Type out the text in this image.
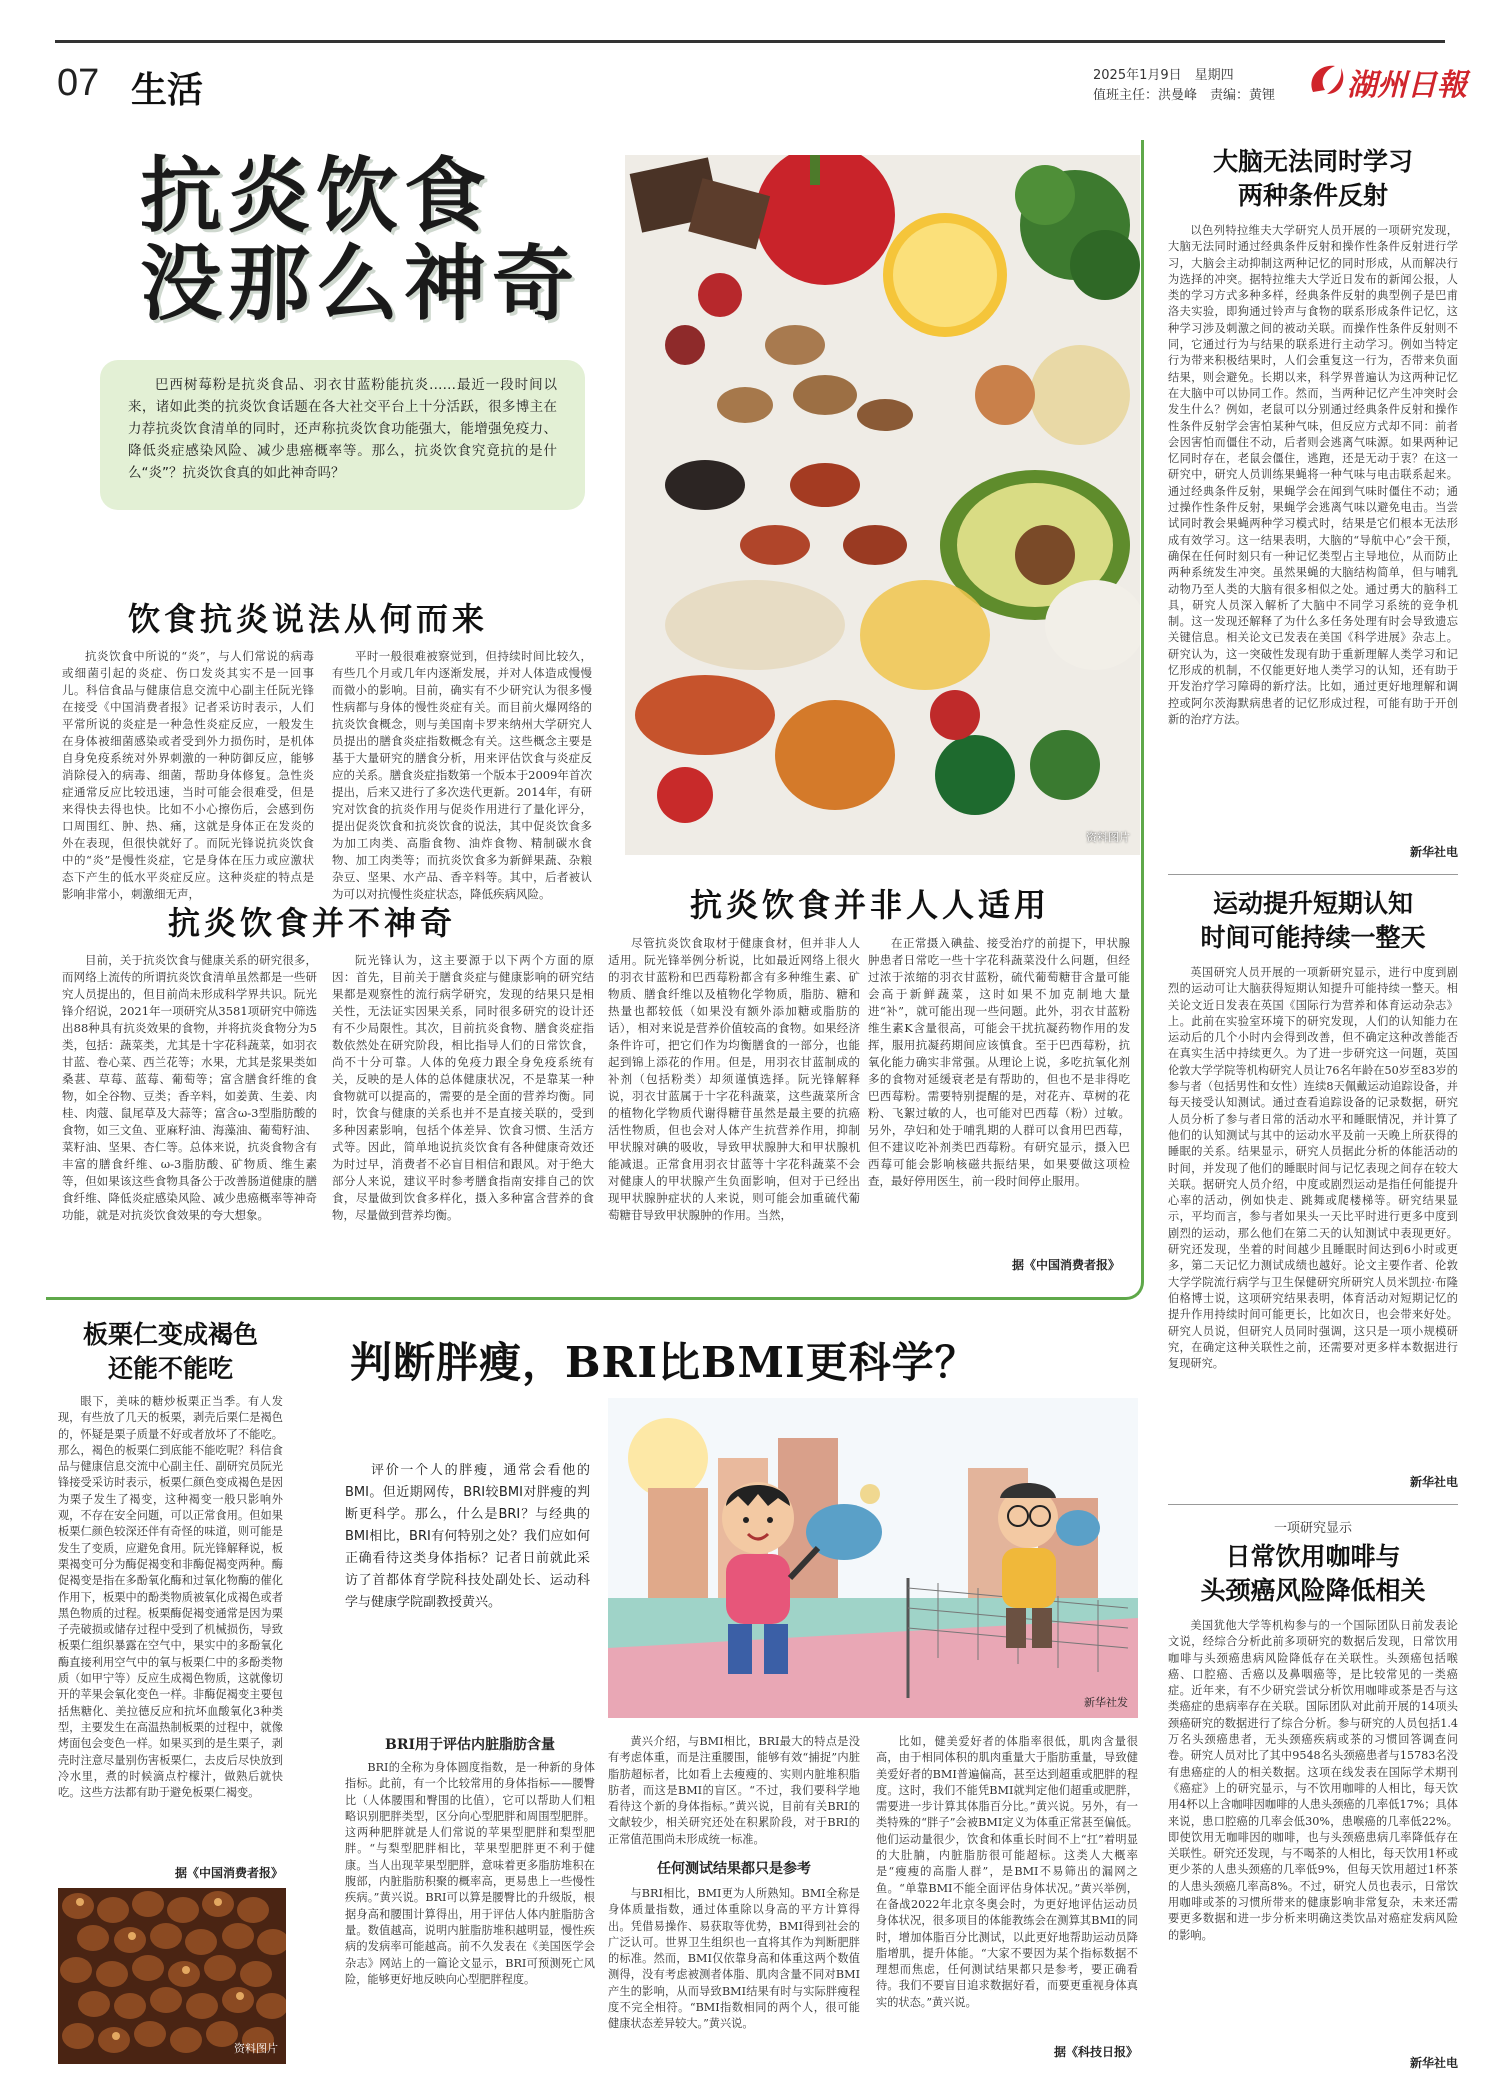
07 生活	2025年1月9日　星期四
值班主任：洪曼峰　责编：黄锂 湖州日報
抗炎饮食
没那么神奇
巴西树莓粉是抗炎食品、羽衣甘蓝粉能抗炎……最近一段时间以来，诸如此类的抗炎饮食话题在各大社交平台上十分活跃，很多博主在力荐抗炎饮食清单的同时，还声称抗炎饮食功能强大，能增强免疫力、降低炎症感染风险、减少患癌概率等。那么，抗炎饮食究竟抗的是什么“炎”？抗炎饮食真的如此神奇吗？
资料图片
饮食抗炎说法从何而来
抗炎饮食中所说的“炎”，与人们常说的病毒或细菌引起的炎症、伤口发炎其实不是一回事儿。科信食品与健康信息交流中心副主任阮光锋在接受《中国消费者报》记者采访时表示，人们平常所说的炎症是一种急性炎症反应，一般发生在身体被细菌感染或者受到外力损伤时，是机体自身免疫系统对外界刺激的一种防御反应，能够消除侵入的病毒、细菌，帮助身体修复。急性炎症通常反应比较迅速，当时可能会很难受，但是来得快去得也快。比如不小心擦伤后，会感到伤口周围红、肿、热、痛，这就是身体正在发炎的外在表现，但很快就好了。而阮光锋说抗炎饮食中的“炎”是慢性炎症，它是身体在压力或应激状态下产生的低水平炎症反应。这种炎症的特点是影响非常小，刺激细无声，
平时一般很难被察觉到，但持续时间比较久，有些几个月或几年内逐渐发展，并对人体造成慢慢而微小的影响。目前，确实有不少研究认为很多慢性病都与身体的慢性炎症有关。而目前火爆网络的抗炎饮食概念，则与美国南卡罗来纳州大学研究人员提出的膳食炎症指数概念有关。这些概念主要是基于大量研究的膳食分析，用来评估饮食与炎症反应的关系。膳食炎症指数第一个版本于2009年首次提出，后来又进行了多次迭代更新。2014年，有研究对饮食的抗炎作用与促炎作用进行了量化评分，提出促炎饮食和抗炎饮食的说法，其中促炎饮食多为加工肉类、高脂食物、油炸食物、精制碳水食物、加工肉类等；而抗炎饮食多为新鲜果蔬、杂粮杂豆、坚果、水产品、香辛料等。其中，后者被认为可以对抗慢性炎症状态，降低疾病风险。
抗炎饮食并不神奇
目前，关于抗炎饮食与健康关系的研究很多，而网络上流传的所谓抗炎饮食清单虽然都是一些研究人员提出的，但目前尚未形成科学界共识。阮光锋介绍说，2021年一项研究从3581项研究中筛选出88种具有抗炎效果的食物，并将抗炎食物分为5类，包括：蔬菜类，尤其是十字花科蔬菜，如羽衣甘蓝、卷心菜、西兰花等；水果，尤其是浆果类如桑葚、草莓、蓝莓、葡萄等；富含膳食纤维的食物，如全谷物、豆类；香辛料，如姜黄、生姜、肉桂、肉蔻、鼠尾草及大蒜等；富含ω-3型脂肪酸的食物，如三文鱼、亚麻籽油、海藻油、葡萄籽油、菜籽油、坚果、杏仁等。总体来说，抗炎食物含有丰富的膳食纤维、ω-3脂肪酸、矿物质、维生素等，但如果该这些食物具备公于改善肠道健康的膳食纤维、降低炎症感染风险、减少患癌概率等神奇功能，就是对抗炎饮食效果的夸大想象。
阮光锋认为，这主要源于以下两个方面的原因：首先，目前关于膳食炎症与健康影响的研究结果都是观察性的流行病学研究，发现的结果只是相关性，无法证实因果关系，同时很多研究的设计还有不少局限性。其次，目前抗炎食物、膳食炎症指数依然处在研究阶段，相比指导人们的日常饮食，尚不十分可靠。人体的免疫力跟全身免疫系统有关，反映的是人体的总体健康状况，不是靠某一种食物就可以提高的，需要的是全面的营养均衡。同时，饮食与健康的关系也并不是直接关联的，受到多种因素影响，包括个体差异、饮食习惯、生活方式等。因此，简单地说抗炎饮食有各种健康奇效还为时过早，消费者不必盲目相信和跟风。对于绝大部分人来说，建议平时参考膳食指南安排自己的饮食，尽量做到饮食多样化，摄入多种富含营养的食物，尽量做到营养均衡。
抗炎饮食并非人人适用
尽管抗炎饮食取材于健康食材，但并非人人适用。阮光锋举例分析说，比如最近网络上很火的羽衣甘蓝粉和巴西莓粉都含有多种维生素、矿物质、膳食纤维以及植物化学物质，脂肪、糖和热量也都较低（如果没有额外添加糖或脂肪的话），相对来说是营养价值较高的食物。如果经济条件许可，把它们作为均衡膳食的一部分，也能起到锦上添花的作用。但是，用羽衣甘蓝制成的补剂（包括粉类）却须谨慎选择。阮光锋解释说，羽衣甘蓝属于十字花科蔬菜，这些蔬菜所含的植物化学物质代谢得糖苷虽然是最主要的抗癌活性物质，但也会对人体产生抗营养作用，抑制甲状腺对碘的吸收，导致甲状腺肿大和甲状腺机能减退。正常食用羽衣甘蓝等十字花科蔬菜不会对健康人的甲状腺产生负面影响，但对于已经出现甲状腺肿症状的人来说，则可能会加重硫代葡萄糖苷导致甲状腺肿的作用。当然，
在正常摄入碘盐、接受治疗的前提下，甲状腺肿患者日常吃一些十字花科蔬菜没什么问题，但经过浓于浓缩的羽衣甘蓝粉，硫代葡萄糖苷含量可能会高于新鲜蔬菜，这时如果不加克制地大量进“补”，就可能出现一些问题。此外，羽衣甘蓝粉维生素K含量很高，可能会干扰抗凝药物作用的发挥，服用抗凝药期间应该慎食。至于巴西莓粉，抗氧化能力确实非常强。从理论上说，多吃抗氧化剂多的食物对延缓衰老是有帮助的，但也不是非得吃巴西莓粉。需要特别提醒的是，对花卉、草树的花粉、飞絮过敏的人，也可能对巴西莓（粉）过敏。另外，孕妇和处于哺乳期的人群可以食用巴西莓，但不建议吃补剂类巴西莓粉。有研究显示，摄入巴西莓可能会影响核磁共振结果，如果要做这项检查，最好停用医生，前一段时间停止服用。
据《中国消费者报》
大脑无法同时学习
两种条件反射
以色列特拉维夫大学研究人员开展的一项研究发现，大脑无法同时通过经典条件反射和操作性条件反射进行学习，大脑会主动抑制这两种记忆的同时形成，从而解决行为选择的冲突。据特拉维夫大学近日发布的新闻公报，人类的学习方式多种多样，经典条件反射的典型例子是巴甫洛夫实验，即狗通过铃声与食物的联系形成条件记忆，这种学习涉及刺激之间的被动关联。而操作性条件反射则不同，它通过行为与结果的联系进行主动学习。例如当特定行为带来积极结果时，人们会重复这一行为，否带来负面结果，则会避免。长期以来，科学界普遍认为这两种记忆在大脑中可以协同工作。然而，当两种记忆产生冲突时会发生什么？例如，老鼠可以分别通过经典条件反射和操作性条件反射学会害怕某种气味，但反应方式却不同：前者会因害怕而僵住不动，后者则会逃离气味源。如果两种记忆同时存在，老鼠会僵住，逃跑，还是无动于衷？在这一研究中，研究人员训练果蝇将一种气味与电击联系起来。通过经典条件反射，果蝇学会在闻到气味时僵住不动；通过操作性条件反射，果蝇学会逃离气味以避免电击。当尝试同时教会果蝇两种学习模式时，结果是它们根本无法形成有效学习。这一结果表明，大脑的“导航中心”会干预，确保在任何时刻只有一种记忆类型占主导地位，从而防止两种系统发生冲突。虽然果蝇的大脑结构简单，但与哺乳动物乃至人类的大脑有很多相似之处。通过勇大的脑科工具，研究人员深入解析了大脑中不同学习系统的竞争机制。这一发现还解释了为什么多任务处理有时会导致遗忘关键信息。相关论文已发表在美国《科学进展》杂志上。研究认为，这一突破性发现有助于重新理解人类学习和记忆形成的机制，不仅能更好地人类学习的认知，还有助于开发治疗学习障碍的新疗法。比如，通过更好地理解和调控或阿尔茨海默病患者的记忆形成过程，可能有助于开创新的治疗方法。
新华社电
运动提升短期认知
时间可能持续一整天
英国研究人员开展的一项新研究显示，进行中度到剧烈的运动可让大脑获得短期认知提升可能持续一整天。相关论文近日发表在英国《国际行为营养和体育运动杂志》上。此前在实验室环境下的研究发现，人们的认知能力在运动后的几个小时内会得到改善，但不确定这种改善能否在真实生活中持续更久。为了进一步研究这一问题，英国伦敦大学学院等机构研究人员让76名年龄在50岁至83岁的参与者（包括男性和女性）连续8天佩戴运动追踪设备，并每天接受认知测试。通过查看追踪设备的记录数据，研究人员分析了参与者日常的活动水平和睡眠情况，并计算了他们的认知测试与其中的运动水平及前一天晚上所获得的睡眠的关系。结果显示，研究人员据此分析的体能活动的时间，并发现了他们的睡眠时间与记忆表现之间存在较大关联。据研究人员介绍，中度或剧烈运动是指任何能提升心率的活动，例如快走、跳舞或爬楼梯等。研究结果显示，平均而言，参与者如果头一天比平时进行更多中度到剧烈的运动，那么他们在第二天的认知测试中表现更好。研究还发现，坐着的时间越少且睡眠时间达到6小时或更多，第二天记忆力测试成绩也越好。论文主要作者、伦敦大学学院流行病学与卫生保健研究所研究人员米凯拉·布隆伯格博士说，这项研究结果表明，体育活动对短期记忆的提升作用持续时间可能更长，比如次日，也会带来好处。研究人员说，但研究人员同时强调，这只是一项小规模研究，在确定这种关联性之前，还需要对更多样本数据进行复现研究。
新华社电
一项研究显示
日常饮用咖啡与
头颈癌风险降低相关
美国犹他大学等机构参与的一个国际团队日前发表论文说，经综合分析此前多项研究的数据后发现，日常饮用咖啡与头颈癌患病风险降低存在关联性。头颈癌包括喉癌、口腔癌、舌癌以及鼻咽癌等，是比较常见的一类癌症。近年来，有不少研究尝试分析饮用咖啡或茶是否与这类癌症的患病率存在关联。国际团队对此前开展的14项头颈癌研究的数据进行了综合分析。参与研究的人员包括1.4万名头颈癌患者，无头颈癌疾病或茶的习惯回答调查问卷。研究人员对比了其中9548名头颈癌患者与15783名没有患癌症的人的相关数据。这项在线发表在国际学术期刊《癌症》上的研究显示，与不饮用咖啡的人相比，每天饮用4杯以上含咖啡因咖啡的人患头颈癌的几率低17%；具体来说，患口腔癌的几率会低30%，患喉癌的几率低22%。即使饮用无咖啡因的咖啡，也与头颈癌患病几率降低存在关联性。研究还发现，与不喝茶的人相比，每天饮用1杯或更少茶的人患头颈癌的几率低9%，但每天饮用超过1杯茶的人患头颈癌几率高8%。不过，研究人员也表示，日常饮用咖啡或茶的习惯所带来的健康影响非常复杂，未来还需要更多数据和进一步分析来明确这类饮品对癌症发病风险的影响。
新华社电
板栗仁变成褐色
还能不能吃
眼下，美味的糖炒板栗正当季。有人发现，有些放了几天的板栗，剥壳后栗仁是褐色的，怀疑是栗子质量不好或者放坏了不能吃。那么，褐色的板栗仁到底能不能吃呢？科信食品与健康信息交流中心副主任、副研究员阮光锋接受采访时表示，板栗仁颜色变成褐色是因为栗子发生了褐变，这种褐变一般只影响外观，不存在安全问题，可以正常食用。但如果板栗仁颜色较深还伴有奇怪的味道，则可能是发生了变质，应避免食用。阮光锋解释说，板栗褐变可分为酶促褐变和非酶促褐变两种。酶促褐变是指在多酚氧化酶和过氧化物酶的催化作用下，板栗中的酚类物质被氧化成褐色或者黑色物质的过程。板栗酶促褐变通常是因为栗子壳破损或储存过程中受到了机械损伤，导致板栗仁组织暴露在空气中，果实中的多酚氧化酶直接利用空气中的氧与板栗仁中的多酚类物质（如甲宁等）反应生成褐色物质，这就像切开的苹果会氧化变色一样。非酶促褐变主要包括焦糖化、美拉德反应和抗坏血酸氧化3种类型，主要发生在高温热制板栗的过程中，就像烤面包会变色一样。如果买到的是生栗子，剥壳时注意尽量别伤害板栗仁，去皮后尽快放到冷水里，煮的时候滴点柠檬汁，做熟后就快吃。这些方法都有助于避免板栗仁褐变。
据《中国消费者报》
资料图片
判断胖瘦，BRI比BMI更科学？
评价一个人的胖瘦，通常会看他的BMI。但近期网传，BRI较BMI对胖瘦的判断更科学。那么，什么是BRI？与经典的BMI相比，BRI有何特别之处？我们应如何正确看待这类身体指标？记者日前就此采访了首都体育学院科技处副处长、运动科学与健康学院副教授黄兴。
新华社发
BRI用于评估内脏脂肪含量
BRI的全称为身体圆度指数，是一种新的身体指标。此前，有一个比较常用的身体指标——腰臀比（人体腰围和臀围的比值），它可以帮助人们粗略识别肥胖类型，区分向心型肥胖和周围型肥胖。这两种肥胖就是人们常说的苹果型肥胖和梨型肥胖。“与梨型肥胖相比，苹果型肥胖更不利于健康。当人出现苹果型肥胖，意味着更多脂肪堆积在腹部，内脏脂肪积聚的概率高，更易患上一些慢性疾病。”黄兴说。BRI可以算是腰臀比的升级版，根据身高和腰围计算得出，用于评估人体内脏脂肪含量。数值越高，说明内脏脂肪堆积越明显，慢性疾病的发病率可能越高。前不久发表在《美国医学会杂志》网站上的一篇论文显示，BRI可预测死亡风险，能够更好地反映向心型肥胖程度。
黄兴介绍，与BMI相比，BRI最大的特点是没有考虑体重，而是注重腰围，能够有效“捕捉”内脏脂肪超标者，比如看上去瘦瘦的、实则内脏堆积脂肪者，而这是BMI的盲区。“不过，我们要科学地看待这个新的身体指标。”黄兴说，目前有关BRI的文献较少，相关研究还处在积累阶段，对于BRI的正常值范围尚未形成统一标准。
任何测试结果都只是参考
与BRI相比，BMI更为人所熟知。BMI全称是身体质量指数，通过体重除以身高的平方计算得出。凭借易操作、易获取等优势，BMI得到社会的广泛认可。世界卫生组织也一直将其作为判断肥胖的标准。然而，BMI仅依靠身高和体重这两个数值测得，没有考虑被测者体脂、肌肉含量不同对BMI产生的影响，从而导致BMI结果有时与实际胖瘦程度不完全相符。“BMI指数相同的两个人，很可能健康状态差异较大。”黄兴说。
比如，健美爱好者的体脂率很低，肌肉含量很高，由于相同体积的肌肉重量大于脂肪重量，导致健美爱好者的BMI普遍偏高，甚至达到超重或肥胖的程度。这时，我们不能凭BMI就判定他们超重或肥胖，需要进一步计算其体脂百分比。”黄兴说。另外，有一类特殊的“胖子”会被BMI定义为体重正常甚至偏低。他们运动量很少，饮食和体重长时间不上“扛”着明显的大肚腩，内脏脂肪很可能超标。这类人大概率是“瘦瘦的高脂人群”，是BMI不易筛出的漏网之鱼。“单靠BMI不能全面评估身体状况。”黄兴举例，在备战2022年北京冬奥会时，为更好地评估运动员身体状况，很多项目的体能教练会在测算其BMI的同时，增加体脂百分比测试，以此更好地帮助运动员降脂增肌，提升体能。“大家不要因为某个指标数据不理想而焦虑，任何测试结果都只是参考，要正确看待。我们不要盲目追求数据好看，而要更重视身体真实的状态。”黄兴说。
据《科技日报》
